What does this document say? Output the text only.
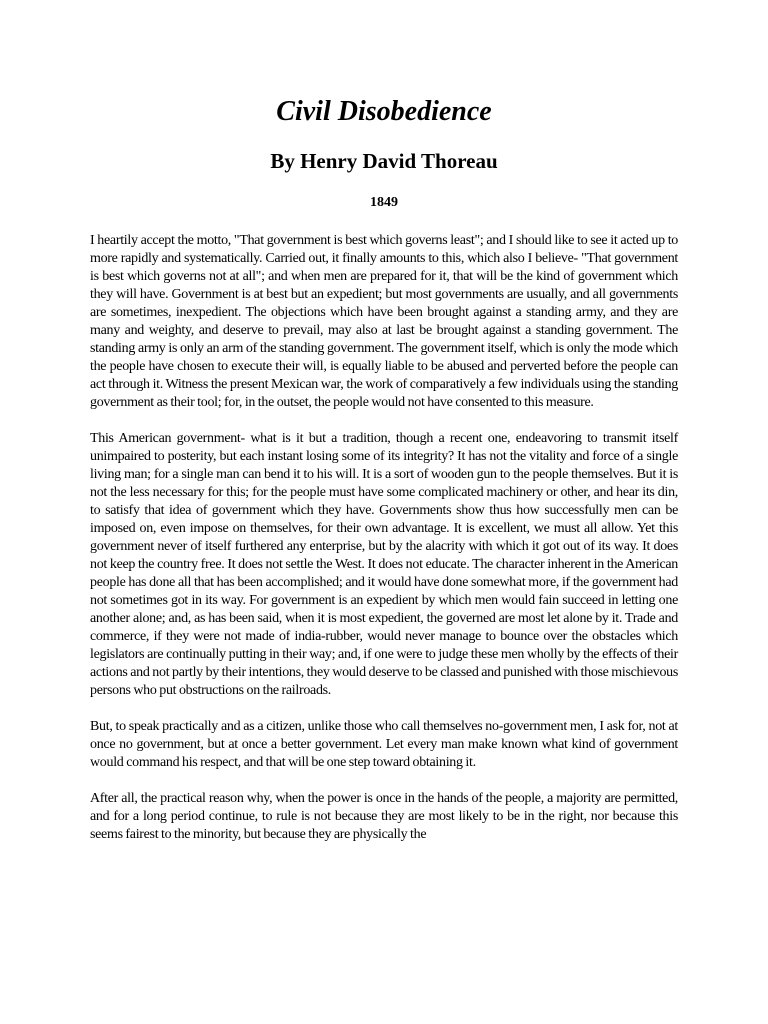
Civil Disobedience
By Henry David Thoreau
1849

I heartily accept the motto, "That government is best which governs least"; and I should like to see it acted up to more rapidly and systematically. Carried out, it finally amounts to this, which also I believe- "That government is best which governs not at all"; and when men are prepared for it, that will be the kind of government which they will have. Government is at best but an expedient; but most governments are usually, and all governments are sometimes, inexpedient. The objections which have been brought against a standing army, and they are many and weighty, and deserve to prevail, may also at last be brought against a standing government. The standing army is only an arm of the standing government. The government itself, which is only the mode which the people have chosen to execute their will, is equally liable to be abused and perverted before the people can act through it. Witness the present Mexican war, the work of comparatively a few individuals using the standing government as their tool; for, in the outset, the people would not have consented to this measure.

This American government- what is it but a tradition, though a recent one, endeavoring to transmit itself unimpaired to posterity, but each instant losing some of its integrity? It has not the vitality and force of a single living man; for a single man can bend it to his will. It is a sort of wooden gun to the people themselves. But it is not the less necessary for this; for the people must have some complicated machinery or other, and hear its din, to satisfy that idea of government which they have. Governments show thus how successfully men can be imposed on, even impose on themselves, for their own advantage. It is excellent, we must all allow. Yet this government never of itself furthered any enterprise, but by the alacrity with which it got out of its way. It does not keep the country free. It does not settle the West. It does not educate. The character inherent in the American people has done all that has been accomplished; and it would have done somewhat more, if the government had not sometimes got in its way. For government is an expedient by which men would fain succeed in letting one another alone; and, as has been said, when it is most expedient, the governed are most let alone by it. Trade and commerce, if they were not made of india-rubber, would never manage to bounce over the obstacles which legislators are continually putting in their way; and, if one were to judge these men wholly by the effects of their actions and not partly by their intentions, they would deserve to be classed and punished with those mischievous persons who put obstructions on the railroads.

But, to speak practically and as a citizen, unlike those who call themselves no-government men, I ask for, not at once no government, but at once a better government. Let every man make known what kind of government would command his respect, and that will be one step toward obtaining it.

After all, the practical reason why, when the power is once in the hands of the people, a majority are permitted, and for a long period continue, to rule is not because they are most likely to be in the right, nor because this seems fairest to the minority, but because they are physically the
